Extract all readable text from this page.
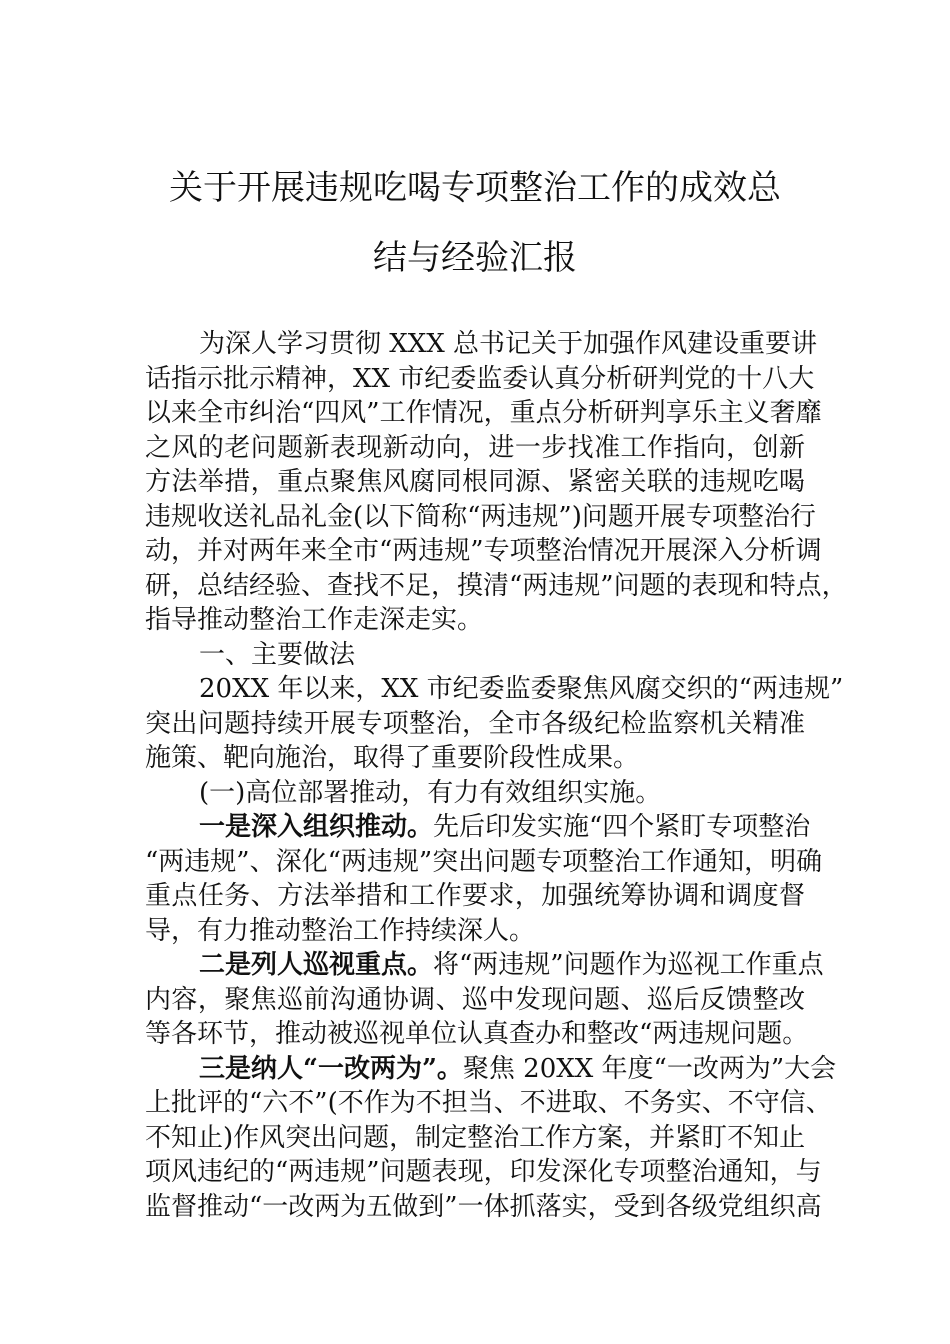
关于开展违规吃喝专项整治工作的成效总
结与经验汇报
为深人学习贯彻 XXX 总书记关于加强作风建设重要讲
话指示批示精神，XX 市纪委监委认真分析研判党的十八大
以来全市纠治“四风”工作情况，重点分析研判享乐主义奢靡
之风的老问题新表现新动向，进一步找准工作指向，创新
方法举措，重点聚焦风腐同根同源、紧密关联的违规吃喝
违规收送礼品礼金(以下简称“两违规”)问题开展专项整治行
动，并对两年来全市“两违规”专项整治情况开展深入分析调
研，总结经验、查找不足，摸清“两违规”问题的表现和特点，
指导推动整治工作走深走实。
一、主要做法
20XX 年以来，XX 市纪委监委聚焦风腐交织的“两违规”
突出问题持续开展专项整治，全市各级纪检监察机关精准
施策、靶向施治，取得了重要阶段性成果。
(一)高位部署推动，有力有效组织实施。
一是深入组织推动。先后印发实施“四个紧盯专项整治
“两违规”、深化“两违规”突出问题专项整治工作通知，明确
重点任务、方法举措和工作要求，加强统筹协调和调度督
导，有力推动整治工作持续深人。
二是列人巡视重点。将“两违规”问题作为巡视工作重点
内容，聚焦巡前沟通协调、巡中发现问题、巡后反馈整改
等各环节，推动被巡视单位认真查办和整改“两违规问题。
三是纳人“一改两为”。聚焦 20XX 年度“一改两为”大会
上批评的“六不”(不作为不担当、不进取、不务实、不守信、
不知止)作风突出问题，制定整治工作方案，并紧盯不知止
项风违纪的“两违规”问题表现，印发深化专项整治通知，与
监督推动“一改两为五做到”一体抓落实，受到各级党组织高
